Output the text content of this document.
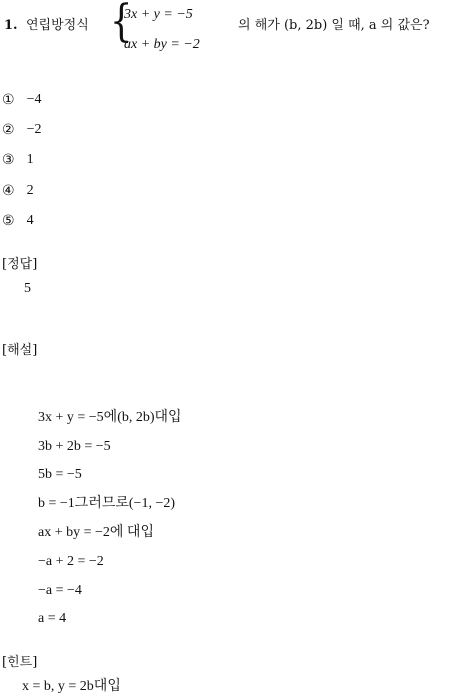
1. 연립방정식 {
3x + y = −5
ax + by = −2
의 해가 (b, 2b) 일 때, a 의 값은?
① −4
② −2
③ 1
④ 2
⑤ 4
[정답]
5
[해설]
3x + y = −5에(b, 2b)대입
3b + 2b = −5
5b = −5
b = −1그러므로(−1, −2)
ax + by = −2에 대입
−a + 2 = −2
−a = −4
a = 4
[힌트]
x = b, y = 2b대입
